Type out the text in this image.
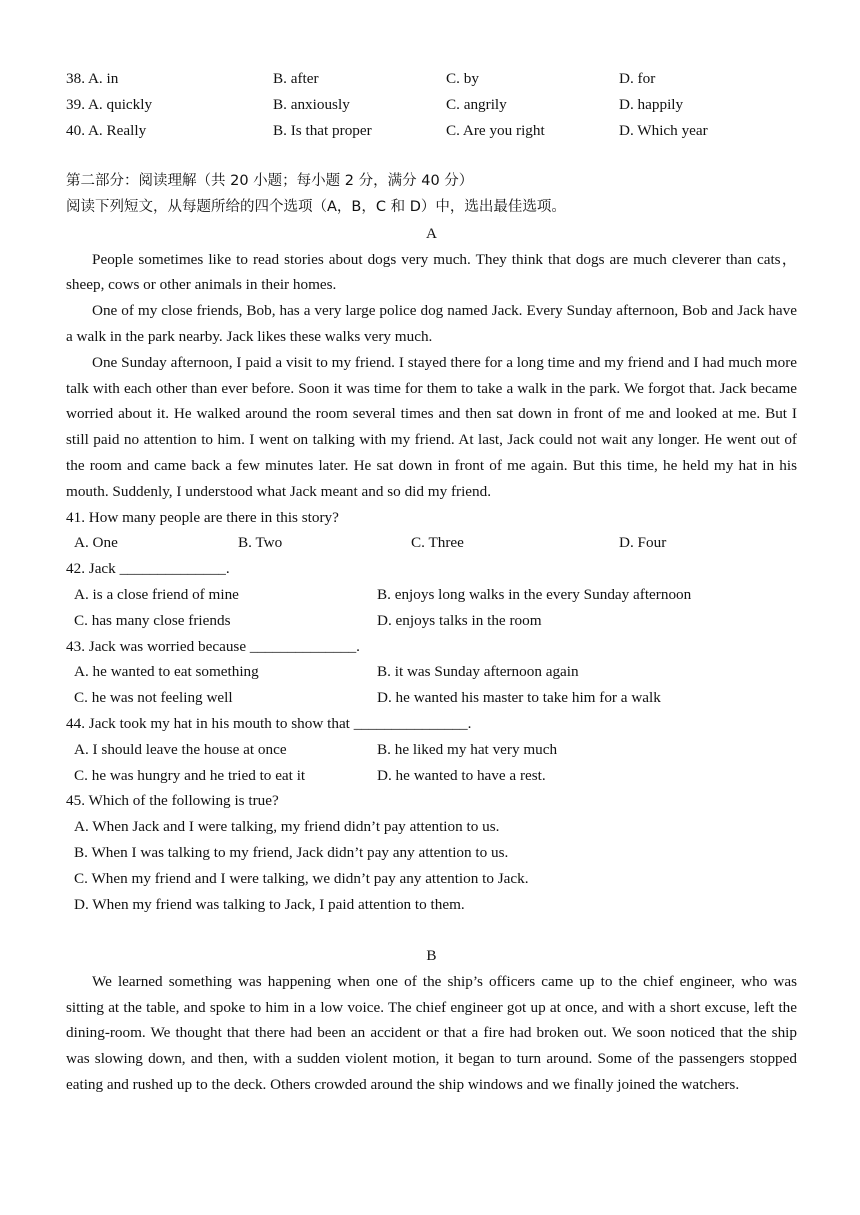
38. A. in	B. after	C. by	D. for
39. A. quickly	B. anxiously	C. angrily	D. happily
40. A. Really	B. Is that proper	C. Are you right	D. Which year
第二部分：阅读理解（共 20 小题；每小题 2 分，满分 40 分）
阅读下列短文，从每题所给的四个选项（A，B，C 和 D）中，选出最佳选项。
A

People sometimes like to read stories about dogs very much. They think that dogs are much cleverer than cats，sheep, cows or other animals in their homes.

One of my close friends, Bob, has a very large police dog named Jack. Every Sunday afternoon, Bob and Jack have a walk in the park nearby. Jack likes these walks very much.

One Sunday afternoon, I paid a visit to my friend. I stayed there for a long time and my friend and I had much more talk with each other than ever before. Soon it was time for them to take a walk in the park. We forgot that. Jack became worried about it. He walked around the room several times and then sat down in front of me and looked at me. But I still paid no attention to him. I went on talking with my friend. At last, Jack could not wait any longer. He went out of the room and came back a few minutes later. He sat down in front of me again. But this time, he held my hat in his mouth. Suddenly, I understood what Jack meant and so did my friend.

41. How many people are there in this story?
A. One	B. Two	C. Three	D. Four
42. Jack ______________.
A. is a close friend of mine	B. enjoys long walks in the every Sunday afternoon
C. has many close friends	D. enjoys talks in the room
43. Jack was worried because ______________.
A. he wanted to eat something	B. it was Sunday afternoon again
C. he was not feeling well	D. he wanted his master to take him for a walk
44. Jack took my hat in his mouth to show that _______________.
A. I should leave the house at once	B. he liked my hat very much
C. he was hungry and he tried to eat it	D. he wanted to have a rest.
45. Which of the following is true?
A. When Jack and I were talking, my friend didn’t pay attention to us.
B. When I was talking to my friend, Jack didn’t pay any attention to us.
C. When my friend and I were talking, we didn’t pay any attention to Jack.
D. When my friend was talking to Jack, I paid attention to them.
B

We learned something was happening when one of the ship’s officers came up to the chief engineer, who was sitting at the table, and spoke to him in a low voice. The chief engineer got up at once, and with a short excuse, left the dining-room. We thought that there had been an accident or that a fire had broken out. We soon noticed that the ship was slowing down, and then, with a sudden violent motion, it began to turn around. Some of the passengers stopped eating and rushed up to the deck. Others crowded around the ship windows and we finally joined the watchers.
